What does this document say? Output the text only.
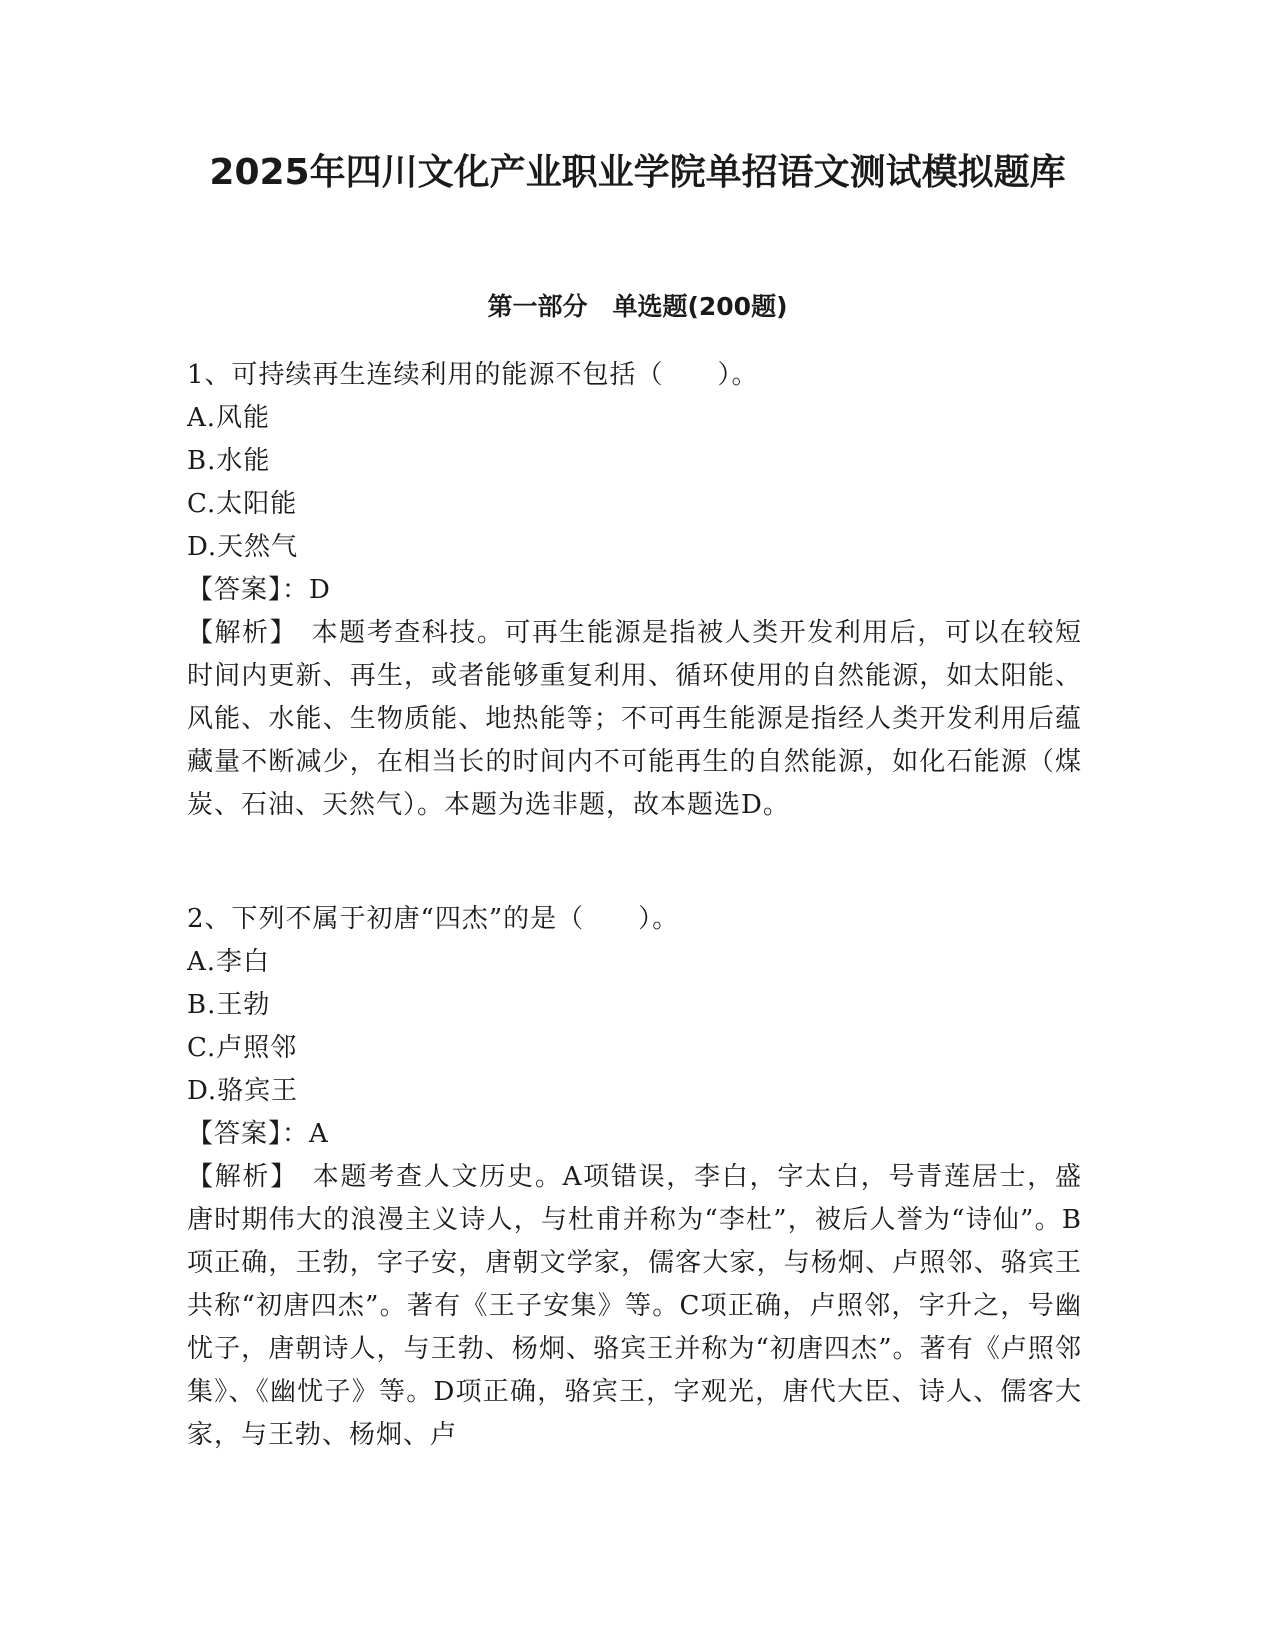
2025年四川文化产业职业学院单招语文测试模拟题库
第一部分　单选题(200题)
1、可持续再生连续利用的能源不包括（　　）。
A.风能
B.水能
C.太阳能
D.天然气
【答案】：D
【解析】　本题考查科技。可再生能源是指被人类开发利用后，可以在较短时间内更新、再生，或者能够重复利用、循环使用的自然能源，如太阳能、风能、水能、生物质能、地热能等；不可再生能源是指经人类开发利用后蕴藏量不断减少，在相当长的时间内不可能再生的自然能源，如化石能源（煤炭、石油、天然气）。本题为选非题，故本题选D。
2、下列不属于初唐“四杰”的是（　　）。
A.李白
B.王勃
C.卢照邻
D.骆宾王
【答案】：A
【解析】　本题考查人文历史。A项错误，李白，字太白，号青莲居士，盛唐时期伟大的浪漫主义诗人，与杜甫并称为“李杜”，被后人誉为“诗仙”。B项正确，王勃，字子安，唐朝文学家，儒客大家，与杨炯、卢照邻、骆宾王共称“初唐四杰”。著有《王子安集》等。C项正确，卢照邻，字升之，号幽忧子，唐朝诗人，与王勃、杨炯、骆宾王并称为“初唐四杰”。著有《卢照邻集》、《幽忧子》等。D项正确，骆宾王，字观光，唐代大臣、诗人、儒客大家，与王勃、杨炯、卢
